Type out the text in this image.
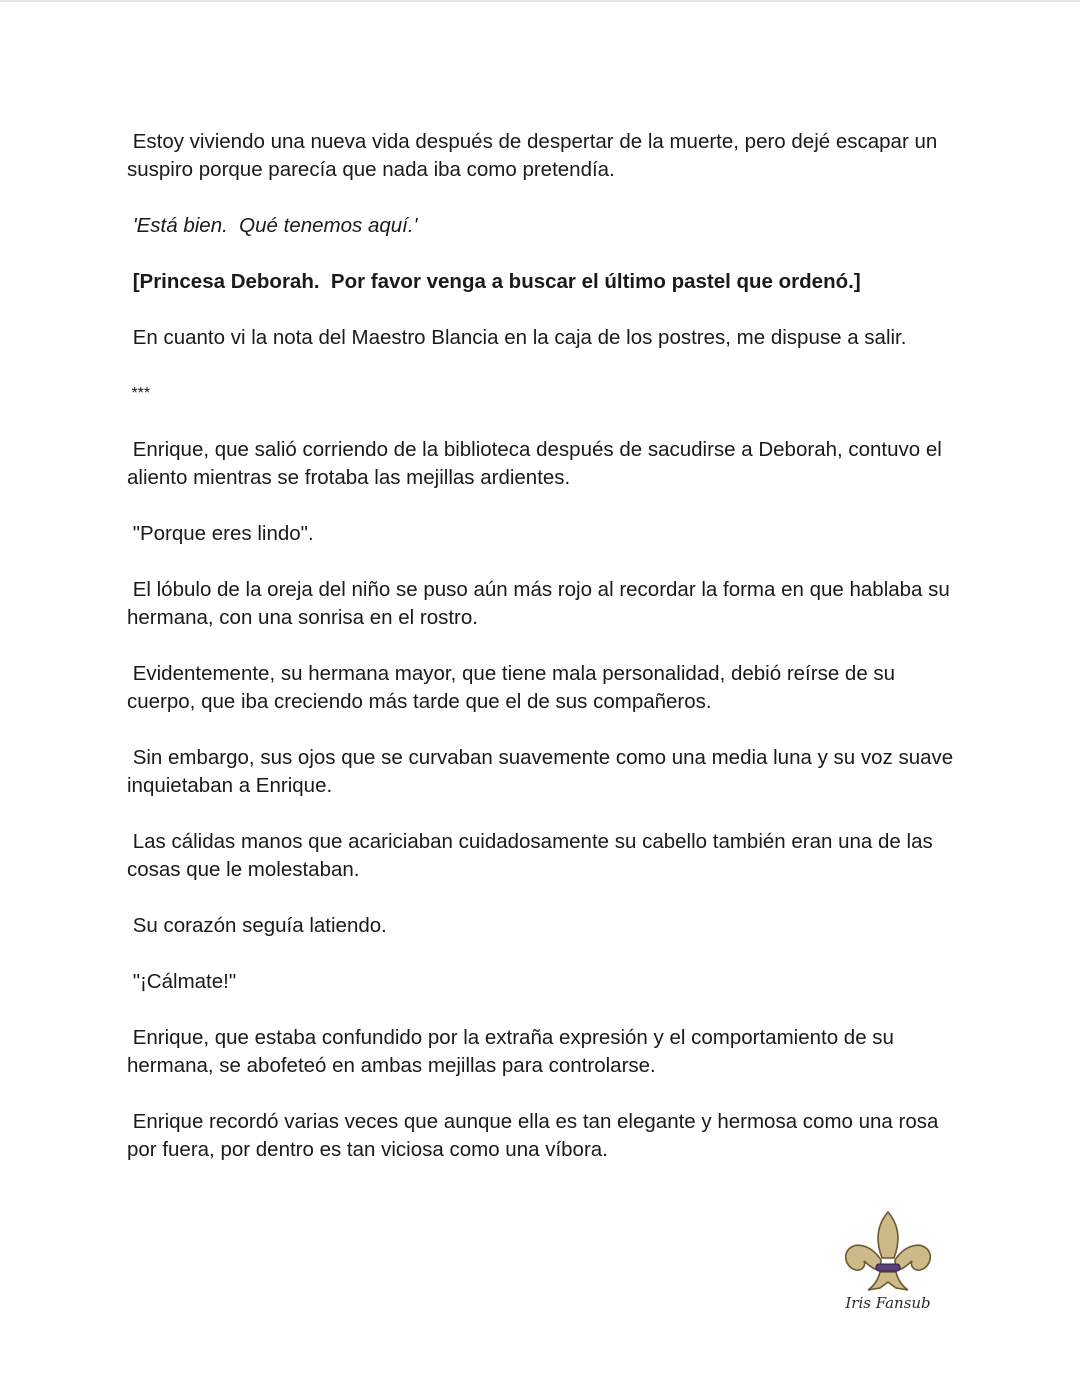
Estoy viviendo una nueva vida después de despertar de la muerte, pero dejé escapar un suspiro porque parecía que nada iba como pretendía.

'Está bien.  Qué tenemos aquí.'

[Princesa Deborah.  Por favor venga a buscar el último pastel que ordenó.]

En cuanto vi la nota del Maestro Blancia en la caja de los postres, me dispuse a salir.

***

Enrique, que salió corriendo de la biblioteca después de sacudirse a Deborah, contuvo el aliento mientras se frotaba las mejillas ardientes.

"Porque eres lindo".

El lóbulo de la oreja del niño se puso aún más rojo al recordar la forma en que hablaba su hermana, con una sonrisa en el rostro.

Evidentemente, su hermana mayor, que tiene mala personalidad, debió reírse de su cuerpo, que iba creciendo más tarde que el de sus compañeros.

Sin embargo, sus ojos que se curvaban suavemente como una media luna y su voz suave inquietaban a Enrique.

Las cálidas manos que acariciaban cuidadosamente su cabello también eran una de las cosas que le molestaban.

Su corazón seguía latiendo.

"¡Cálmate!"

Enrique, que estaba confundido por la extraña expresión y el comportamiento de su hermana, se abofeteó en ambas mejillas para controlarse.

Enrique recordó varias veces que aunque ella es tan elegante y hermosa como una rosa por fuera, por dentro es tan viciosa como una víbora.

Iris Fansub
